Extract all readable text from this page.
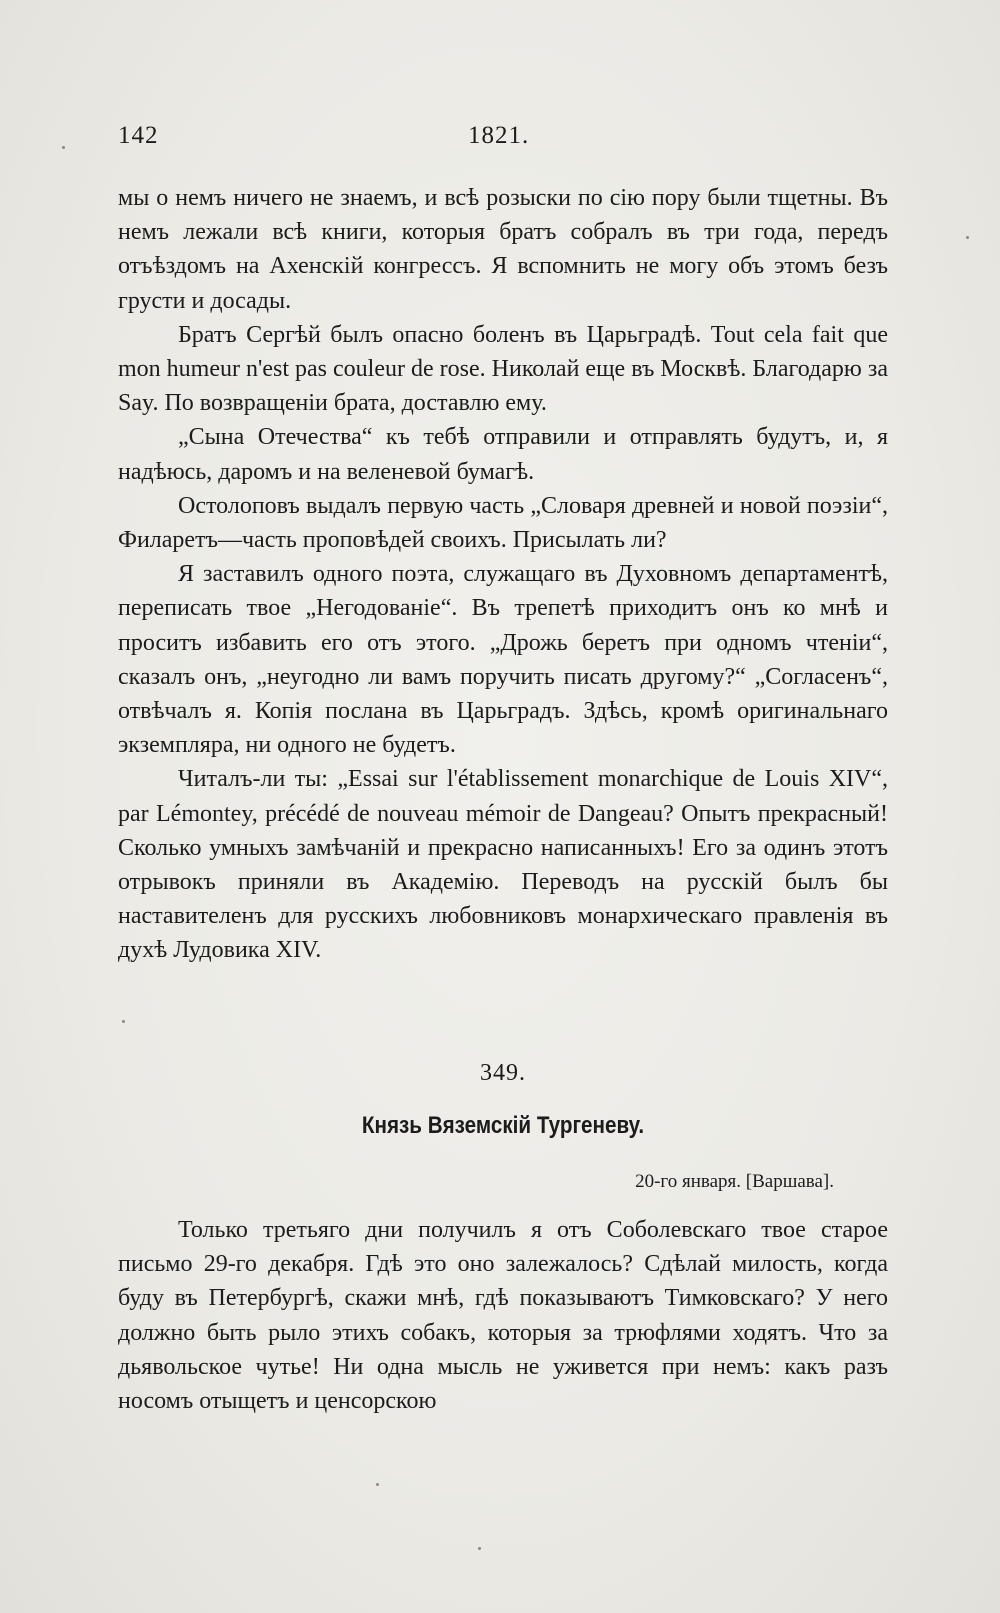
142	1821.

мы о немъ ничего не знаемъ, и всѣ розыски по сію пору были тщетны. Въ немъ лежали всѣ книги, которыя братъ собралъ въ три года, передъ отъѣздомъ на Ахенскій конгрессъ. Я вспомнить не могу объ этомъ безъ грусти и досады.

Братъ Сергѣй былъ опасно боленъ въ Царьградѣ. Tout cela fait que mon humeur n'est pas couleur de rose. Николай еще въ Москвѣ. Благодарю за Say. По возвращеніи брата, доставлю ему.

„Сына Отечества“ къ тебѣ отправили и отправлять будутъ, и, я надѣюсь, даромъ и на веленевой бумагѣ.

Остолоповъ выдалъ первую часть „Словаря древней и новой поэзіи“, Филаретъ—часть проповѣдей своихъ. Присылать ли?

Я заставилъ одного поэта, служащаго въ Духовномъ департаментѣ, переписать твое „Негодованіе“. Въ трепетѣ приходитъ онъ ко мнѣ и проситъ избавить его отъ этого. „Дрожь беретъ при одномъ чтеніи“, сказалъ онъ, „неугодно ли вамъ поручить писать другому?“ „Согласенъ“, отвѣчалъ я. Копія послана въ Царьградъ. Здѣсь, кромѣ оригинальнаго экземпляра, ни одного не будетъ.

Читалъ-ли ты: „Essai sur l'établissement monarchique de Louis XIV“, par Lémontey, précédé de nouveau mémoir de Dangeau? Опытъ прекрасный! Сколько умныхъ замѣчаній и прекрасно написанныхъ! Его за одинъ этотъ отрывокъ приняли въ Академію. Переводъ на русскій былъ бы наставителенъ для русскихъ любовниковъ монархическаго правленія въ духѣ Лудовика XIV.

349.
Князь Вяземскій Тургеневу.
20-го января. [Варшава].

Только третьяго дни получилъ я отъ Соболевскаго твое старое письмо 29-го декабря. Гдѣ это оно залежалось? Сдѣлай милость, когда буду въ Петербургѣ, скажи мнѣ, гдѣ показываютъ Тимковскаго? У него должно быть рыло этихъ собакъ, которыя за трюфлями ходятъ. Что за дьявольское чутье! Ни одна мысль не уживется при немъ: какъ разъ носомъ отыщетъ и ценсорскою
